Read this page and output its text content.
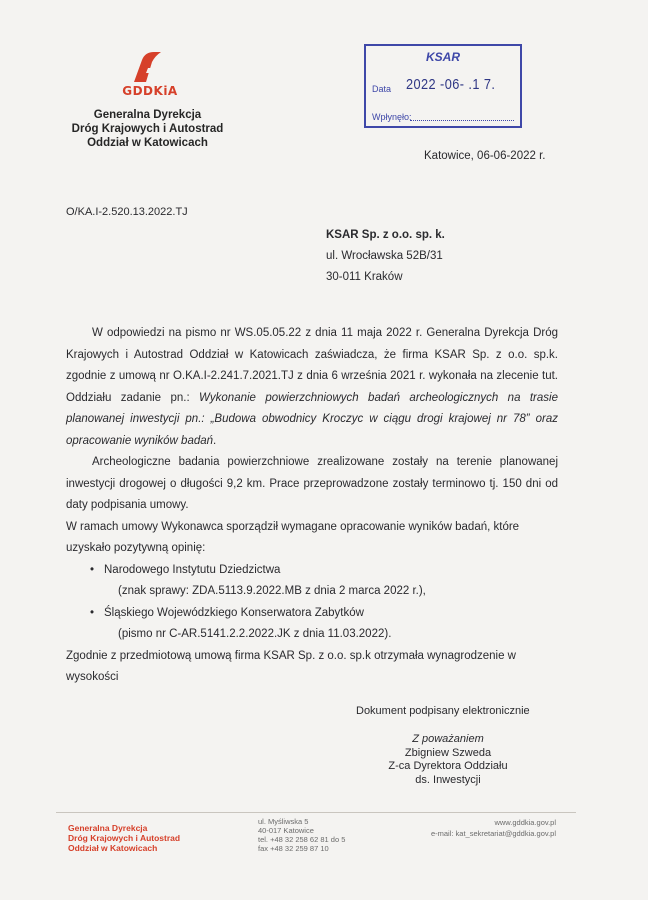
GDDKiA
Generalna Dyrekcja
Dróg Krajowych i Autostrad
Oddział w Katowicach
KSAR
Data 2022 -06- .1 7.
Wpłynęło:
Katowice, 06-06-2022 r.
O/KA.I-2.520.13.2022.TJ
KSAR Sp. z o.o. sp. k.
ul. Wrocławska 52B/31
30-011 Kraków

W odpowiedzi na pismo nr WS.05.05.22 z dnia 11 maja 2022 r. Generalna Dyrekcja Dróg Krajowych i Autostrad Oddział w Katowicach zaświadcza, że firma KSAR Sp. z o.o. sp.k. zgodnie z umową nr O.KA.I-2.241.7.2021.TJ z dnia 6 września 2021 r. wykonała na zlecenie tut. Oddziału zadanie pn.: Wykonanie powierzchniowych badań archeologicznych na trasie planowanej inwestycji pn.: „Budowa obwodnicy Kroczyc w ciągu drogi krajowej nr 78” oraz opracowanie wyników badań.

Archeologiczne badania powierzchniowe zrealizowane zostały na terenie planowanej inwestycji drogowej o długości 9,2 km. Prace przeprowadzone zostały terminowo tj. 150 dni od daty podpisania umowy.

W ramach umowy Wykonawca sporządził wymagane opracowanie wyników badań, które uzyskało pozytywną opinię:

• Narodowego Instytutu Dziedzictwa
(znak sprawy: ZDA.5113.9.2022.MB z dnia 2 marca 2022 r.),
• Śląskiego Wojewódzkiego Konserwatora Zabytków
(pismo nr C-AR.5141.2.2.2022.JK z dnia 11.03.2022).

Zgodnie z przedmiotową umową firma KSAR Sp. z o.o. sp.k otrzymała wynagrodzenie w wysokości

Dokument podpisany elektronicznie
Z poważaniem
Zbigniew Szweda
Z-ca Dyrektora Oddziału
ds. Inwestycji
Generalna Dyrekcja
Dróg Krajowych i Autostrad
Oddział w Katowicach
ul. Myśliwska 5
40-017 Katowice
tel. +48 32 258 62 81 do 5
fax +48 32 259 87 10
www.gddkia.gov.pl
e-mail: kat_sekretariat@gddkia.gov.pl
